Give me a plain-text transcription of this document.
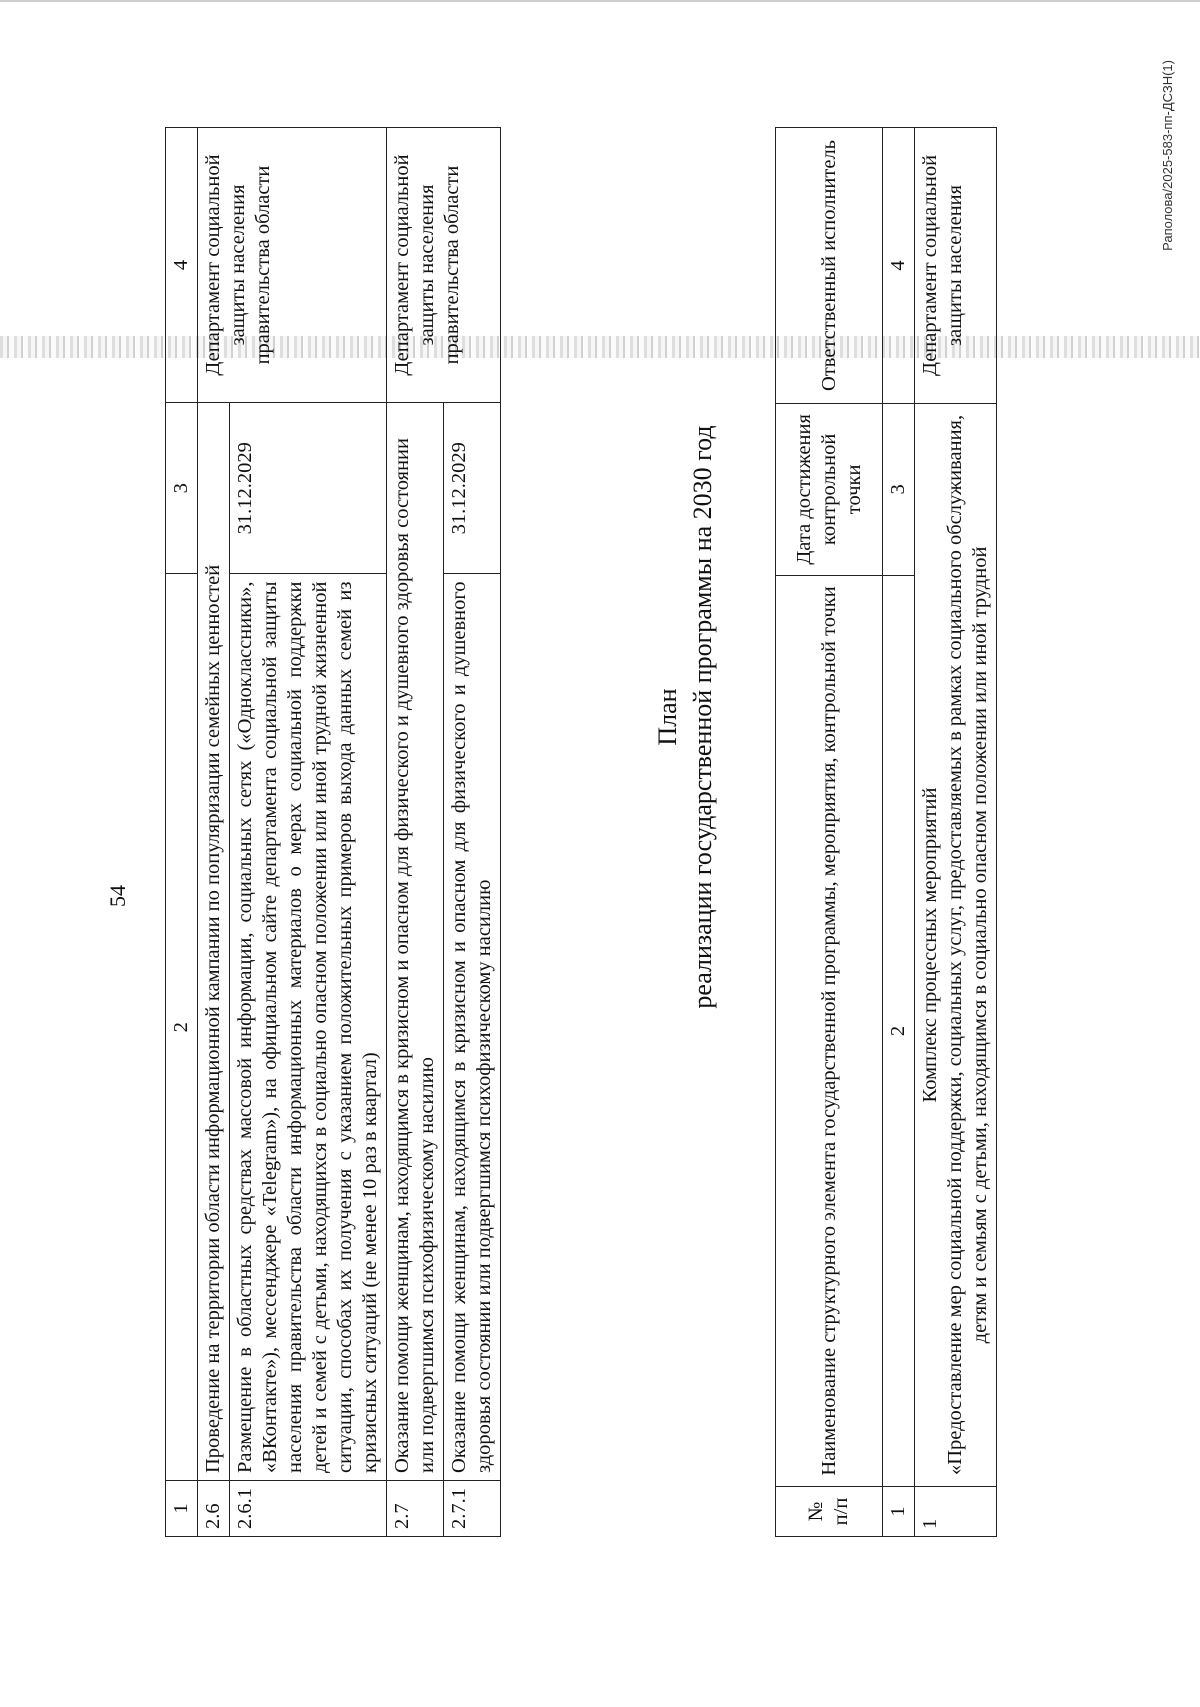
54
1	2	3	4
2.6	Проведение на территории области информационной кампании по популяризации семейных ценностей		Департамент социальной защиты населения правительства области
2.6.1	Размещение в областных средствах массовой информации, социальных сетях («Одноклассники», «ВКонтакте»), мессенджере «Telegram»), на официальном сайте департамента социальной защиты населения правительства области информационных материалов о мерах социальной поддержки детей и семей с детьми, находящихся в социально опасном положении или иной трудной жизненной ситуации, способах их получения с указанием положительных примеров выхода данных семей из кризисных ситуаций (не менее 10 раз в квартал)	31.12.2029	
2.7	Оказание помощи женщинам, находящимся в кризисном и опасном для физического и душевного здоровья состоянии или подвергшимся психофизическому насилию		Департамент социальной защиты населения правительства области
2.7.1	Оказание помощи женщинам, находящимся в кризисном и опасном для физического и душевного здоровья состоянии или подвергшимся психофизическому насилию	31.12.2029	
План реализации государственной программы на 2030 год
№ п/п	Наименование структурного элемента государственной программы, мероприятия, контрольной точки	Дата достижения контрольной точки	Ответственный исполнитель
1	2	3	4
1	Комплекс процессных мероприятий «Предоставление мер социальной поддержки, социальных услуг, предоставляемых в рамках социального обслуживания, детям и семьям с детьми, находящимся в социально опасном положении или иной трудной		Департамент социальной защиты населения
Раполова/2025-583-пп-ДСЗН(1)
